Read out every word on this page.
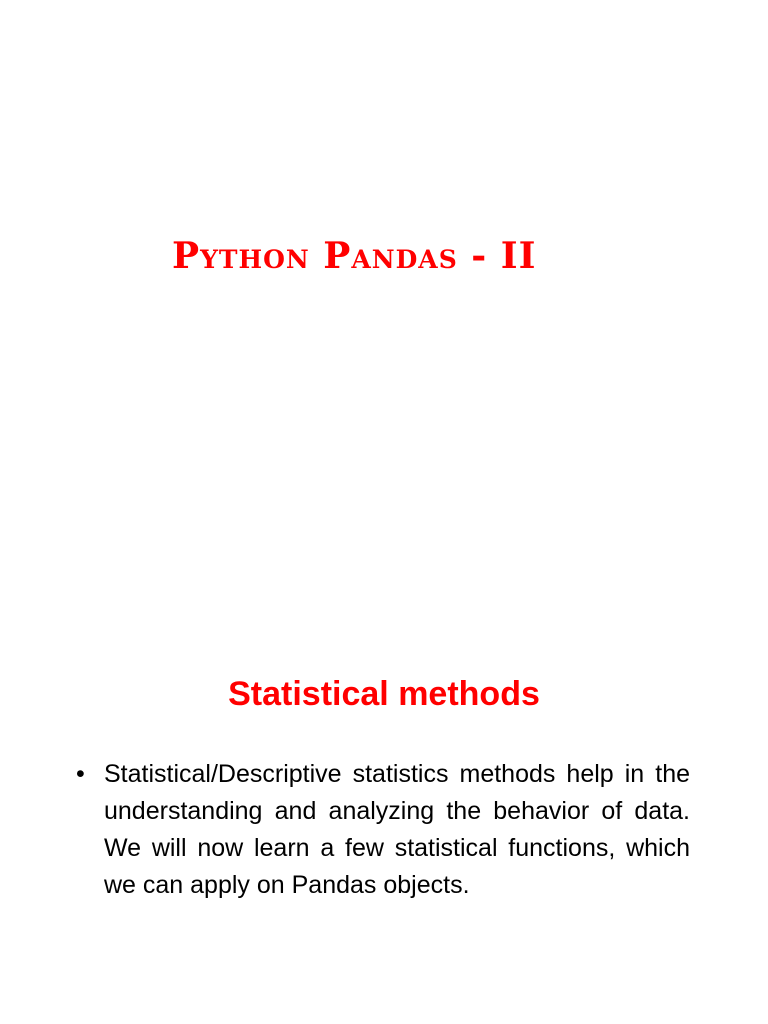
Python Pandas - II
Statistical methods
• Statistical/Descriptive statistics methods help in the understanding and analyzing the behavior of data. We will now learn a few statistical functions, which we can apply on Pandas objects.
